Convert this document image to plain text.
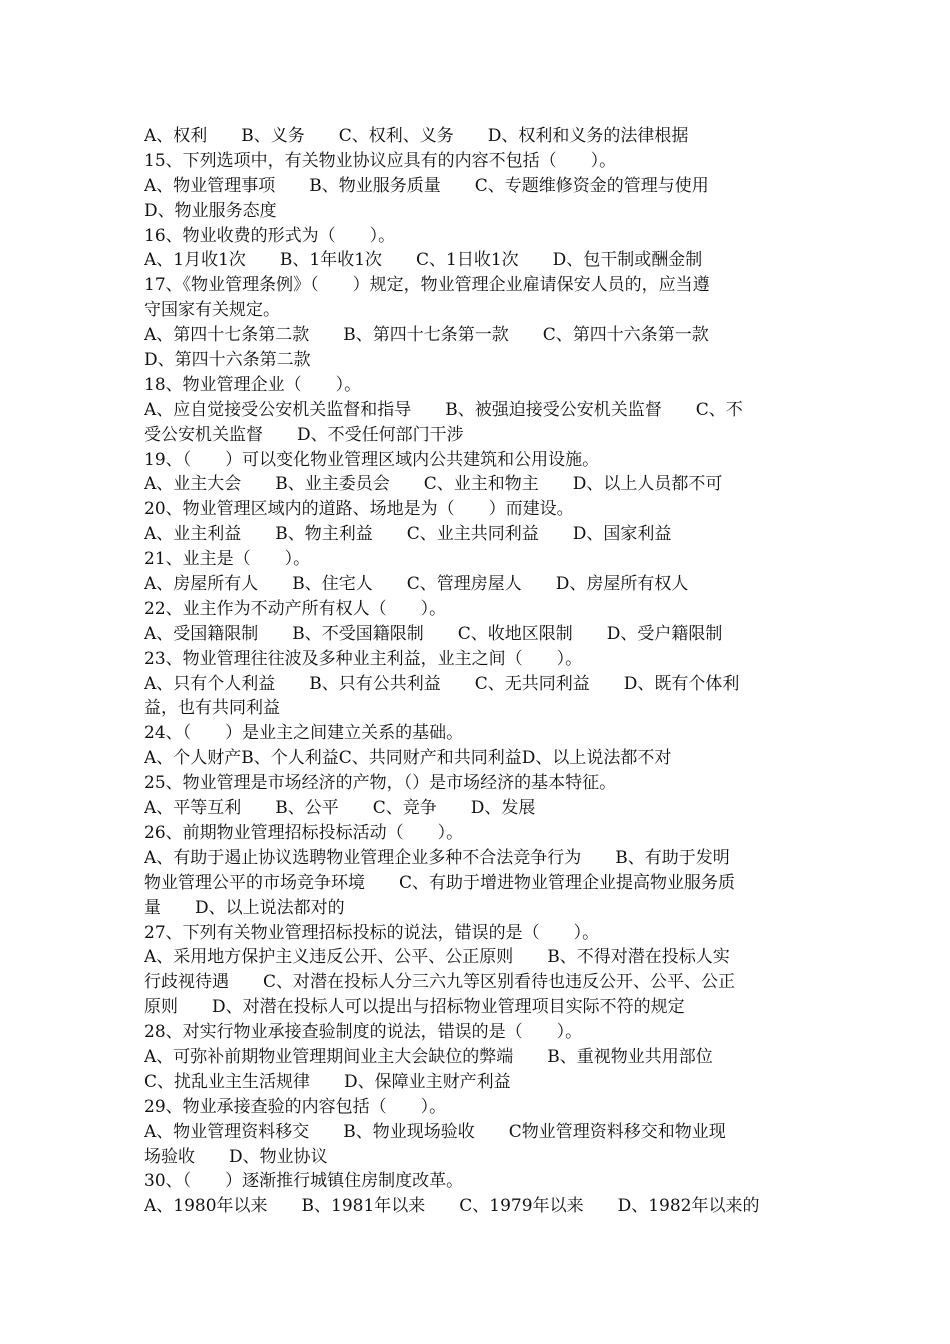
A、权利　　B、义务　　C、权利、义务　　D、权利和义务的法律根据
15、下列选项中，有关物业协议应具有的内容不包括（　　）。
A、物业管理事项　　B、物业服务质量　　C、专题维修资金的管理与使用
D、物业服务态度
16、物业收费的形式为（　　）。
A、1月收1次　　B、1年收1次　　C、1日收1次　　D、包干制或酬金制
17、《物业管理条例》（　　）规定，物业管理企业雇请保安人员的，应当遵
守国家有关规定。
A、第四十七条第二款　　B、第四十七条第一款　　C、第四十六条第一款
D、第四十六条第二款
18、物业管理企业（　　）。
A、应自觉接受公安机关监督和指导　　B、被强迫接受公安机关监督　　C、不
受公安机关监督　　D、不受任何部门干涉
19、（　　）可以变化物业管理区域内公共建筑和公用设施。
A、业主大会　　B、业主委员会　　C、业主和物主　　D、以上人员都不可
20、物业管理区域内的道路、场地是为（　　）而建设。
A、业主利益　　B、物主利益　　C、业主共同利益　　D、国家利益
21、业主是（　　）。
A、房屋所有人　　B、住宅人　　C、管理房屋人　　D、房屋所有权人
22、业主作为不动产所有权人（　　）。
A、受国籍限制　　B、不受国籍限制　　C、收地区限制　　D、受户籍限制
23、物业管理往往波及多种业主利益，业主之间（　　）。
A、只有个人利益　　B、只有公共利益　　C、无共同利益　　D、既有个体利
益，也有共同利益
24、（　　）是业主之间建立关系的基础。
A、个人财产B、个人利益C、共同财产和共同利益D、以上说法都不对
25、物业管理是市场经济的产物，（）是市场经济的基本特征。
A、平等互利　　B、公平　　C、竞争　　D、发展
26、前期物业管理招标投标活动（　　）。
A、有助于遏止协议选聘物业管理企业多种不合法竞争行为　　B、有助于发明
物业管理公平的市场竞争环境　　C、有助于增进物业管理企业提高物业服务质
量　　D、以上说法都对的
27、下列有关物业管理招标投标的说法，错误的是（　　）。
A、采用地方保护主义违反公开、公平、公正原则　　B、不得对潜在投标人实
行歧视待遇　　C、对潜在投标人分三六九等区别看待也违反公开、公平、公正
原则　　D、对潜在投标人可以提出与招标物业管理项目实际不符的规定
28、对实行物业承接查验制度的说法，错误的是（　　）。
A、可弥补前期物业管理期间业主大会缺位的弊端　　B、重视物业共用部位
C、扰乱业主生活规律　　D、保障业主财产利益
29、物业承接查验的内容包括（　　）。
A、物业管理资料移交　　B、物业现场验收　　C物业管理资料移交和物业现
场验收　　D、物业协议
30、（　　）逐渐推行城镇住房制度改革。
A、1980年以来　　B、1981年以来　　C、1979年以来　　D、1982年以来的
